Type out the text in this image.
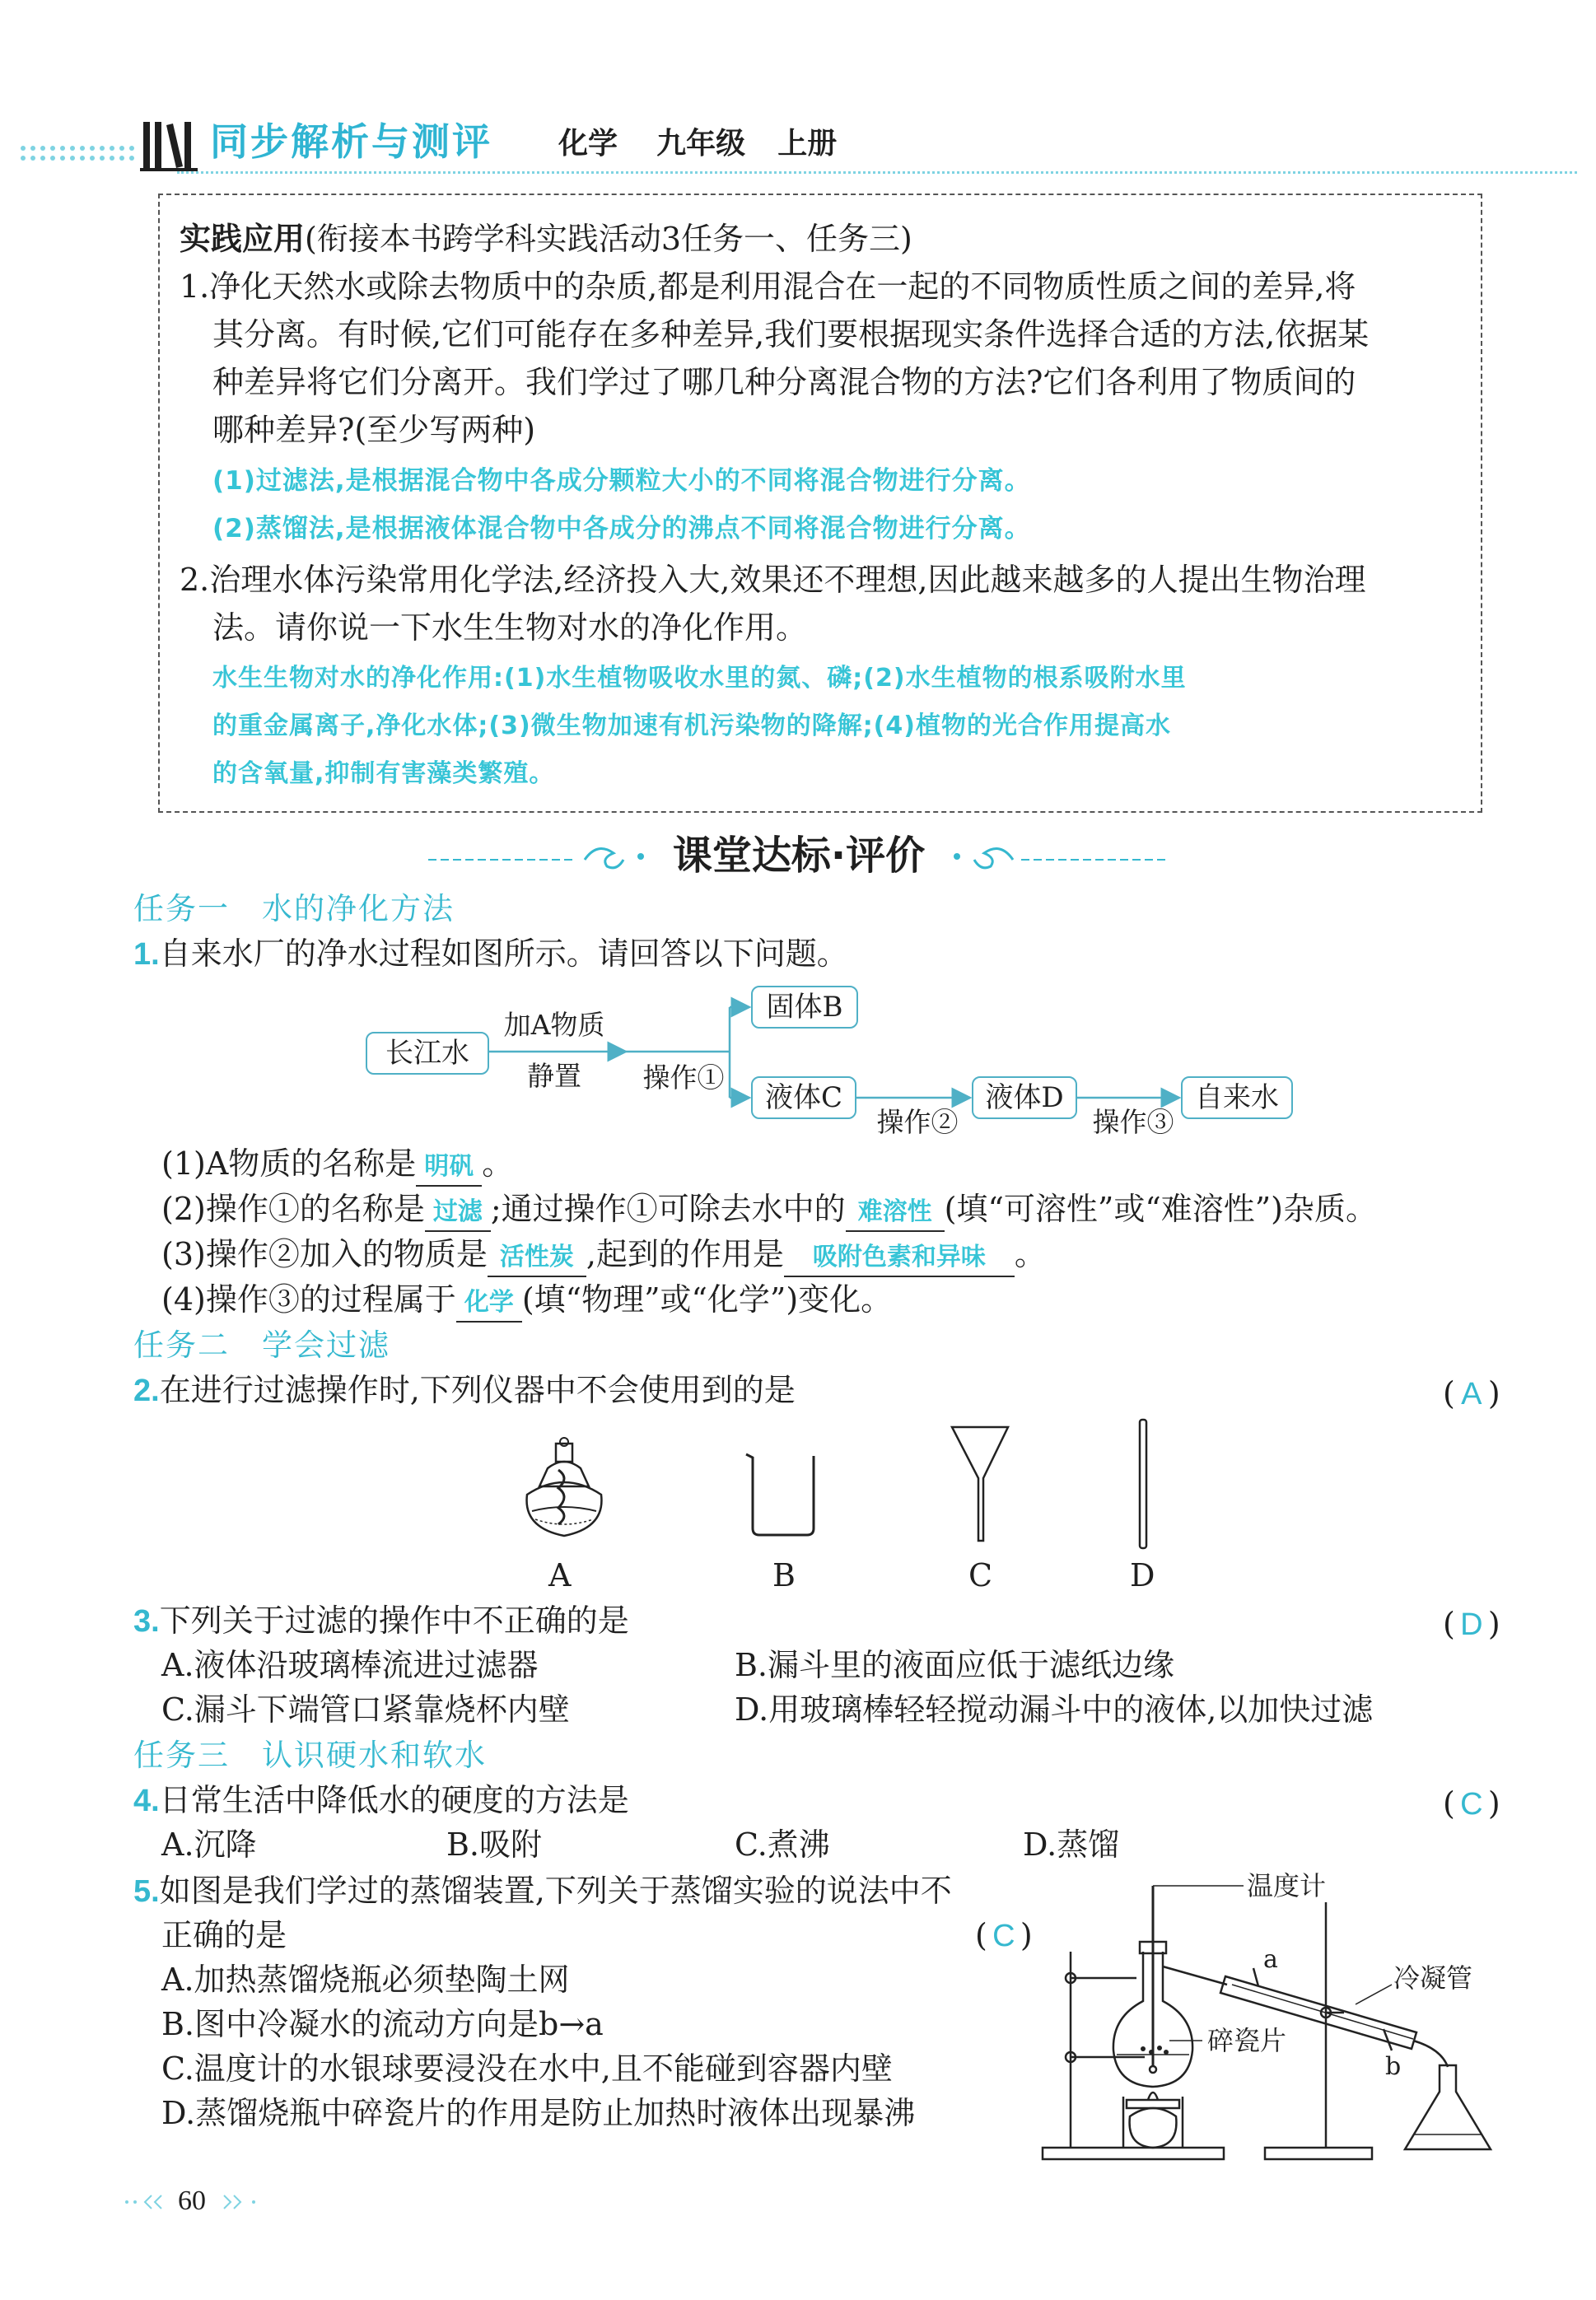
同步解析与测评 化学 九年级 上册
实践应用(衔接本书跨学科实践活动3任务一、任务三)
1.净化天然水或除去物质中的杂质,都是利用混合在一起的不同物质性质之间的差异,将
其分离。有时候,它们可能存在多种差异,我们要根据现实条件选择合适的方法,依据某
种差异将它们分离开。我们学过了哪几种分离混合物的方法?它们各利用了物质间的
哪种差异?(至少写两种)
(1)过滤法,是根据混合物中各成分颗粒大小的不同将混合物进行分离。
(2)蒸馏法,是根据液体混合物中各成分的沸点不同将混合物进行分离。
2.治理水体污染常用化学法,经济投入大,效果还不理想,因此越来越多的人提出生物治理
法。请你说一下水生生物对水的净化作用。
水生生物对水的净化作用:(1)水生植物吸收水里的氮、磷;(2)水生植物的根系吸附水里
的重金属离子,净化水体;(3)微生物加速有机污染物的降解;(4)植物的光合作用提高水
的含氧量,抑制有害藻类繁殖。
课堂达标·评价
任务一　水的净化方法
1.自来水厂的净水过程如图所示。请回答以下问题。
长江水
加A物质
静置	操作①
固体B
液体C
操作②
液体D
操作③
自来水
(1)A物质的名称是 明矾 。
(2)操作①的名称是 过滤 ;通过操作①可除去水中的 难溶性 (填“可溶性”或“难溶性”)杂质。
(3)操作②加入的物质是 活性炭 ,起到的作用是 吸附色素和异味 。
(4)操作③的过程属于 化学 (填“物理”或“化学”)变化。
任务二　学会过滤
2.在进行过滤操作时,下列仪器中不会使用到的是	( A )
A	B	C	D
3.下列关于过滤的操作中不正确的是	( D )
A.液体沿玻璃棒流进过滤器	B.漏斗里的液面应低于滤纸边缘
C.漏斗下端管口紧靠烧杯内壁	D.用玻璃棒轻轻搅动漏斗中的液体,以加快过滤
任务三　认识硬水和软水
4.日常生活中降低水的硬度的方法是	( C )
A.沉降	B.吸附	C.煮沸	D.蒸馏
5.如图是我们学过的蒸馏装置,下列关于蒸馏实验的说法中不
正确的是	( C )
A.加热蒸馏烧瓶必须垫陶土网
B.图中冷凝水的流动方向是b→a
C.温度计的水银球要浸没在水中,且不能碰到容器内壁
D.蒸馏烧瓶中碎瓷片的作用是防止加热时液体出现暴沸
温度计
a
冷凝管
碎瓷片
b
60
